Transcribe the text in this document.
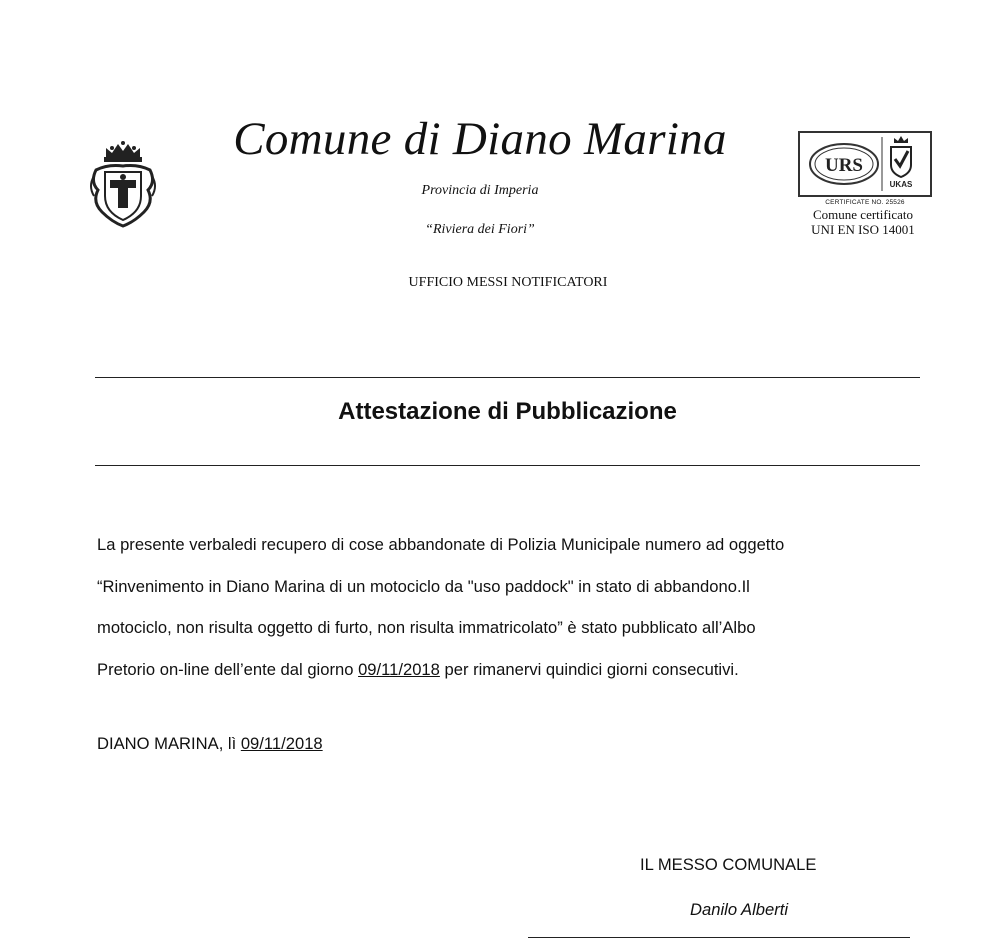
Comune di Diano Marina
Provincia di Imperia
“Riviera dei Fiori”
UFFICIO MESSI NOTIFICATORI
URS
UKAS
CERTIFICATE NO. 25526
Comune certificato
UNI EN ISO 14001
Attestazione di Pubblicazione

La presente verbaledi recupero di cose abbandonate di Polizia Municipale numero ad oggetto

“Rinvenimento in Diano Marina di un motociclo da "uso paddock" in stato di abbandono.Il

motociclo, non risulta oggetto di furto, non risulta immatricolato” è stato pubblicato all’Albo

Pretorio on-line dell’ente dal giorno 09/11/2018 per rimanervi quindici giorni consecutivi.

DIANO MARINA, lì 09/11/2018
IL MESSO COMUNALE
Danilo Alberti
